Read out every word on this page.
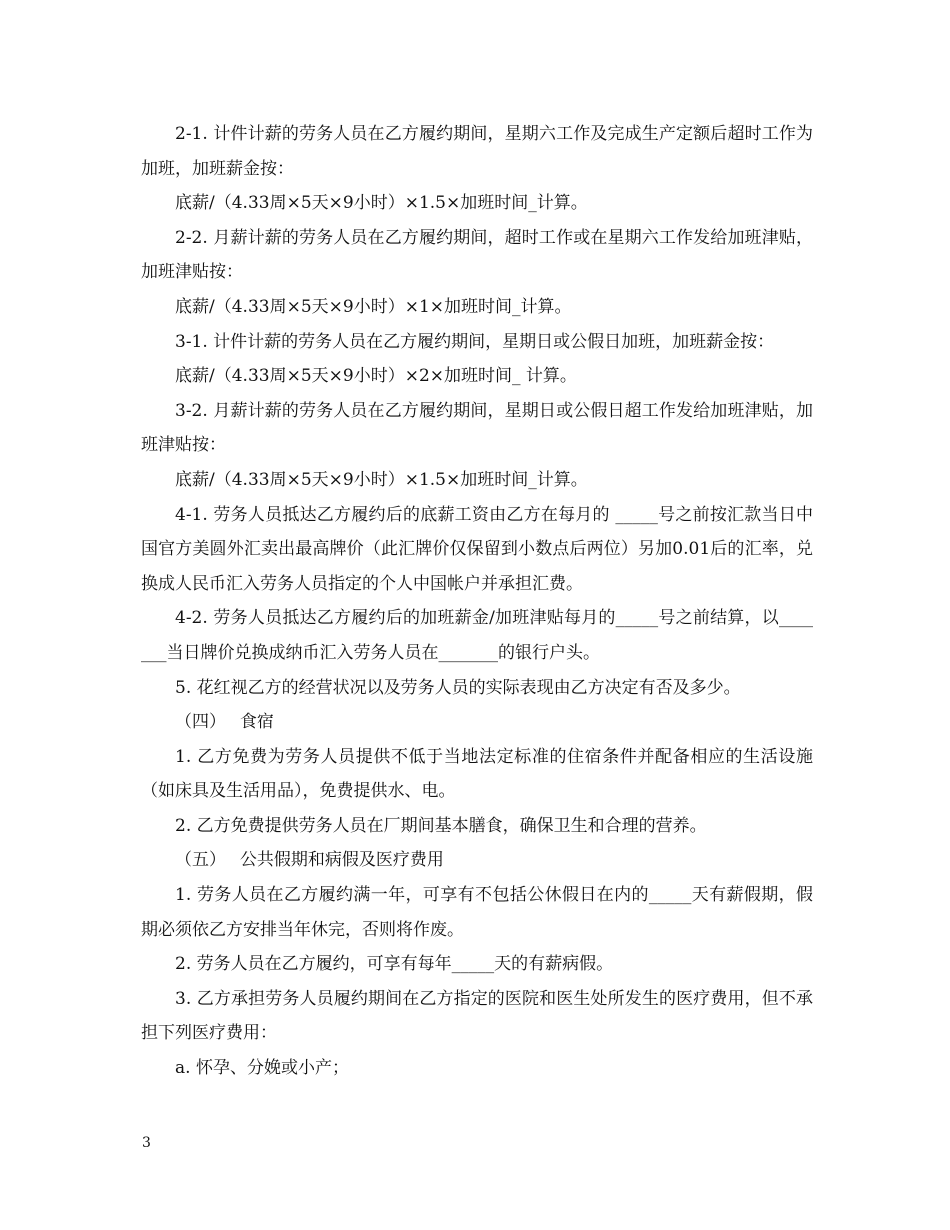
2-1. 计件计薪的劳务人员在乙方履约期间，星期六工作及完成生产定额后超时工作为加班，加班薪金按：

底薪/（4.33周×5天×9小时）×1.5×加班时间_计算。

2-2. 月薪计薪的劳务人员在乙方履约期间，超时工作或在星期六工作发给加班津贴，加班津贴按：

底薪/（4.33周×5天×9小时）×1×加班时间_计算。

3-1. 计件计薪的劳务人员在乙方履约期间，星期日或公假日加班，加班薪金按：

底薪/（4.33周×5天×9小时）×2×加班时间_ 计算。

3-2. 月薪计薪的劳务人员在乙方履约期间，星期日或公假日超工作发给加班津贴，加班津贴按：

底薪/（4.33周×5天×9小时）×1.5×加班时间_计算。

4-1. 劳务人员抵达乙方履约后的底薪工资由乙方在每月的 _____号之前按汇款当日中国官方美圆外汇卖出最高牌价（此汇牌价仅保留到小数点后两位）另加0.01后的汇率，兑换成人民币汇入劳务人员指定的个人中国帐户并承担汇费。

4-2. 劳务人员抵达乙方履约后的加班薪金/加班津贴每月的_____号之前结算，以_______当日牌价兑换成纳币汇入劳务人员在_______的银行户头。

5. 花红视乙方的经营状况以及劳务人员的实际表现由乙方决定有否及多少。

（四）　 食宿

1. 乙方免费为劳务人员提供不低于当地法定标准的住宿条件并配备相应的生活设施（如床具及生活用品），免费提供水、电。

2. 乙方免费提供劳务人员在厂期间基本膳食，确保卫生和合理的营养。

（五）　 公共假期和病假及医疗费用

1. 劳务人员在乙方履约满一年，可享有不包括公休假日在内的_____天有薪假期，假期必须依乙方安排当年休完，否则将作废。

2. 劳务人员在乙方履约，可享有每年_____天的有薪病假。

3. 乙方承担劳务人员履约期间在乙方指定的医院和医生处所发生的医疗费用，但不承担下列医疗费用：

a. 怀孕、分娩或小产；

3
